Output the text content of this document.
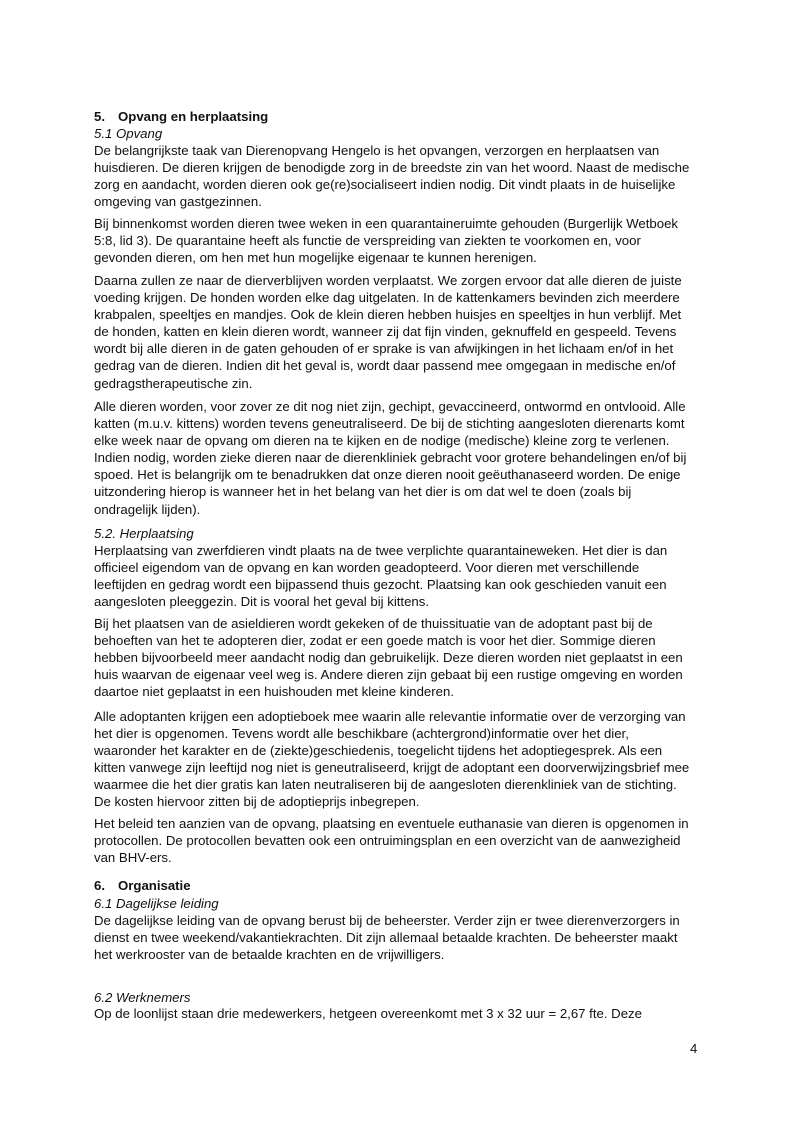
5. Opvang en herplaatsing
5.1 Opvang

De belangrijkste taak van Dierenopvang Hengelo is het opvangen, verzorgen en herplaatsen van
huisdieren. De dieren krijgen de benodigde zorg in de breedste zin van het woord. Naast de medische
zorg en aandacht, worden dieren ook ge(re)socialiseert indien nodig. Dit vindt plaats in de huiselijke
omgeving van gastgezinnen.

Bij binnenkomst worden dieren twee weken in een quarantaineruimte gehouden (Burgerlijk Wetboek
5:8, lid 3). De quarantaine heeft als functie de verspreiding van ziekten te voorkomen en, voor
gevonden dieren, om hen met hun mogelijke eigenaar te kunnen herenigen.

Daarna zullen ze naar de dierverblijven worden verplaatst. We zorgen ervoor dat alle dieren de juiste
voeding krijgen. De honden worden elke dag uitgelaten. In de kattenkamers bevinden zich meerdere
krabpalen, speeltjes en mandjes. Ook de klein dieren hebben huisjes en speeltjes in hun verblijf. Met
de honden, katten en klein dieren wordt, wanneer zij dat fijn vinden, geknuffeld en gespeeld. Tevens
wordt bij alle dieren in de gaten gehouden of er sprake is van afwijkingen in het lichaam en/of in het
gedrag van de dieren. Indien dit het geval is, wordt daar passend mee omgegaan in medische en/of
gedragstherapeutische zin.

Alle dieren worden, voor zover ze dit nog niet zijn, gechipt, gevaccineerd, ontwormd en ontvlooid. Alle
katten (m.u.v. kittens) worden tevens geneutraliseerd. De bij de stichting aangesloten dierenarts komt
elke week naar de opvang om dieren na te kijken en de nodige (medische) kleine zorg te verlenen.
Indien nodig, worden zieke dieren naar de dierenkliniek gebracht voor grotere behandelingen en/of bij
spoed. Het is belangrijk om te benadrukken dat onze dieren nooit geëuthanaseerd worden. De enige
uitzondering hierop is wanneer het in het belang van het dier is om dat wel te doen (zoals bij
ondragelijk lijden).

5.2. Herplaatsing

Herplaatsing van zwerfdieren vindt plaats na de twee verplichte quarantaineweken. Het dier is dan
officieel eigendom van de opvang en kan worden geadopteerd. Voor dieren met verschillende
leeftijden en gedrag wordt een bijpassend thuis gezocht. Plaatsing kan ook geschieden vanuit een
aangesloten pleeggezin. Dit is vooral het geval bij kittens.

Bij het plaatsen van de asieldieren wordt gekeken of de thuissituatie van de adoptant past bij de
behoeften van het te adopteren dier, zodat er een goede match is voor het dier. Sommige dieren
hebben bijvoorbeeld meer aandacht nodig dan gebruikelijk. Deze dieren worden niet geplaatst in een
huis waarvan de eigenaar veel weg is. Andere dieren zijn gebaat bij een rustige omgeving en worden
daartoe niet geplaatst in een huishouden met kleine kinderen.

Alle adoptanten krijgen een adoptieboek mee waarin alle relevantie informatie over de verzorging van
het dier is opgenomen. Tevens wordt alle beschikbare (achtergrond)informatie over het dier,
waaronder het karakter en de (ziekte)geschiedenis, toegelicht tijdens het adoptiegesprek. Als een
kitten vanwege zijn leeftijd nog niet is geneutraliseerd, krijgt de adoptant een doorverwijzingsbrief mee
waarmee die het dier gratis kan laten neutraliseren bij de aangesloten dierenkliniek van de stichting.
De kosten hiervoor zitten bij de adoptieprijs inbegrepen.

Het beleid ten aanzien van de opvang, plaatsing en eventuele euthanasie van dieren is opgenomen in
protocollen. De protocollen bevatten ook een ontruimingsplan en een overzicht van de aanwezigheid
van BHV-ers.

6. Organisatie
6.1 Dagelijkse leiding

De dagelijkse leiding van de opvang berust bij de beheerster. Verder zijn er twee dierenverzorgers in
dienst en twee weekend/vakantiekrachten. Dit zijn allemaal betaalde krachten. De beheerster maakt
het werkrooster van de betaalde krachten en de vrijwilligers.

6.2 Werknemers

Op de loonlijst staan drie medewerkers, hetgeen overeenkomt met 3 x 32 uur = 2,67 fte. Deze

4
